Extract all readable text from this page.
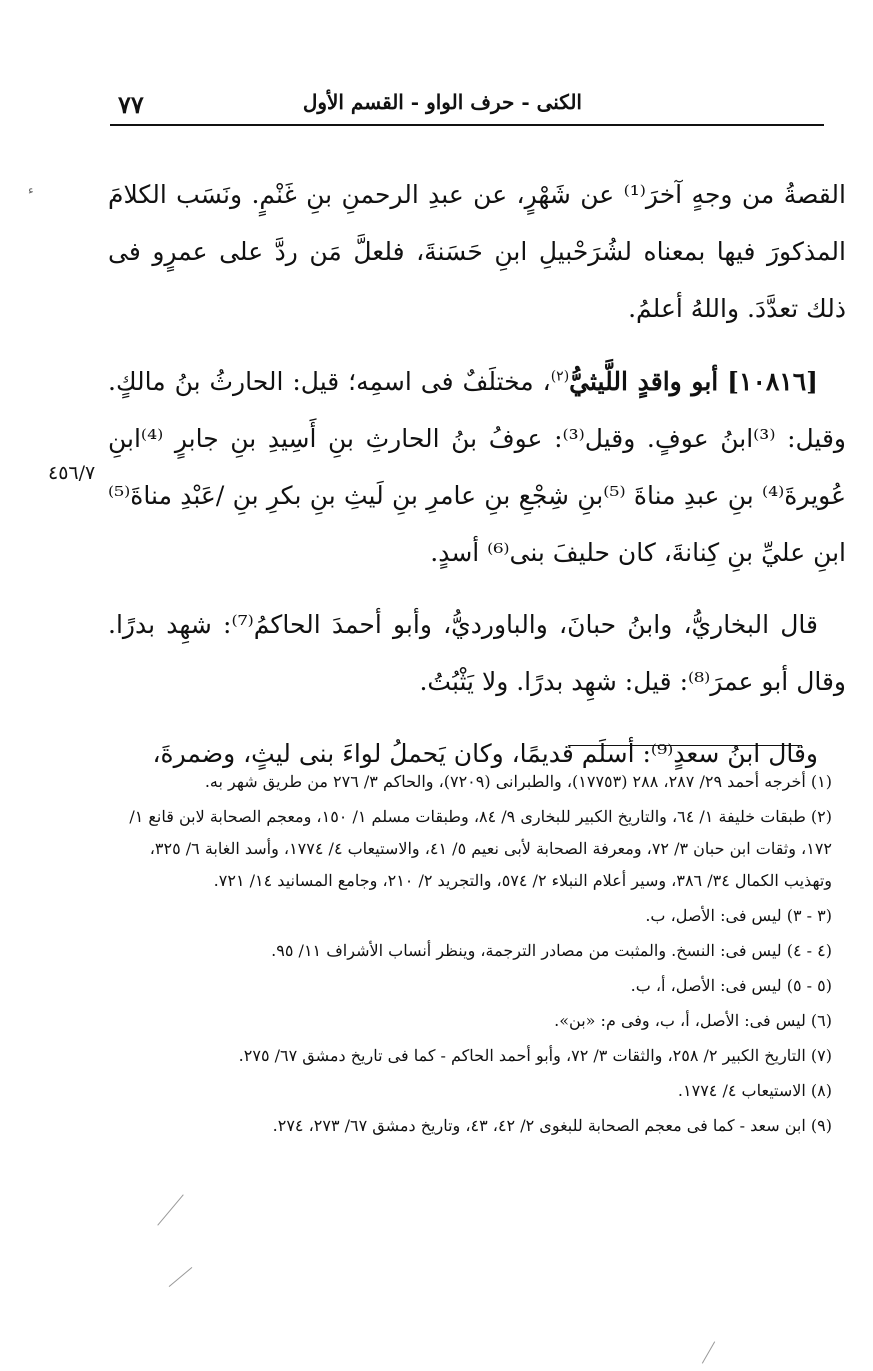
٧٧	الكنى - حرف الواو - القسم الأول
ﺀ	القصةُ من وجهٍ آخرَ⁽¹⁾ عن شَهْرٍ، عن عبدِ الرحمنِ بنِ غَنْمٍ. ونَسَب الكلامَ المذكورَ فيها بمعناه لشُرَحْبيلِ ابنِ حَسَنةَ، فلعلَّ مَن ردَّ على عمرٍو فى ذلك تعدَّدَ. واللهُ أعلمُ.

[١٠٨١٦] أبو واقدٍ اللَّيثيُّ$^{(٢)}$، مختلَفٌ فى اسمِه؛ قيل: الحارثُ بنُ مالكٍ. وقيل: ⁽³⁾ابنُ عوفٍ. وقيل⁽³⁾: عوفُ بنُ الحارثِ بنِ أَسِيدِ بنِ جابرٍ ⁽⁴⁾ابنِ عُويرةَ⁽⁴⁾ بنِ عبدِ مناةَ ⁽⁵⁾بنِ شِجْعِ بنِ عامرِ بنِ لَيثِ بنِ بكرِ بنِ /عَبْدِ مناةَ⁽⁵⁾ ابنِ عليِّ بنِ كِنانةَ، كان حليفَ بنى⁽⁶⁾ أسدٍ.

قال البخاريُّ، وابنُ حبانَ، والباورديُّ، وأبو أحمدَ الحاكمُ⁽⁷⁾: شهِد بدرًا. وقال أبو عمرَ⁽⁸⁾: قيل: شهِد بدرًا. ولا يَثْبُتُ.

وقال ابنُ سعدٍ⁽⁹⁾: أسلَم قديمًا، وكان يَحملُ لواءَ بنى ليثٍ، وضمرةَ،

٤٥٦/٧

(١) أخرجه أحمد ٢٩/ ٢٨٧، ٢٨٨ (١٧٧٥٣)، والطبرانى (٧٢٠٩)، والحاكم ٣/ ٢٧٦ من طريق شهر به.

(٢) طبقات خليفة ١/ ٦٤، والتاريخ الكبير للبخارى ٩/ ٨٤، وطبقات مسلم ١/ ١٥٠، ومعجم الصحابة لابن قانع ١/ ١٧٢، وثقات ابن حبان ٣/ ٧٢، ومعرفة الصحابة لأبى نعيم ٥/ ٤١، والاستيعاب ٤/ ١٧٧٤، وأسد الغابة ٦/ ٣٢٥، وتهذيب الكمال ٣٤/ ٣٨٦، وسير أعلام النبلاء ٢/ ٥٧٤، والتجريد ٢/ ٢١٠، وجامع المسانيد ١٤/ ٧٢١.

(٣ - ٣) ليس فى: الأصل، ب.

(٤ - ٤) ليس فى: النسخ. والمثبت من مصادر الترجمة، وينظر أنساب الأشراف ١١/ ٩٥.

(٥ - ٥) ليس فى: الأصل، أ، ب.

(٦) ليس فى: الأصل، أ، ب، وفى م: «بن».

(٧) التاريخ الكبير ٢/ ٢٥٨، والثقات ٣/ ٧٢، وأبو أحمد الحاكم - كما فى تاريخ دمشق ٦٧/ ٢٧٥.

(٨) الاستيعاب ٤/ ١٧٧٤.

(٩) ابن سعد - كما فى معجم الصحابة للبغوى ٢/ ٤٢، ٤٣، وتاريخ دمشق ٦٧/ ٢٧٣، ٢٧٤.
